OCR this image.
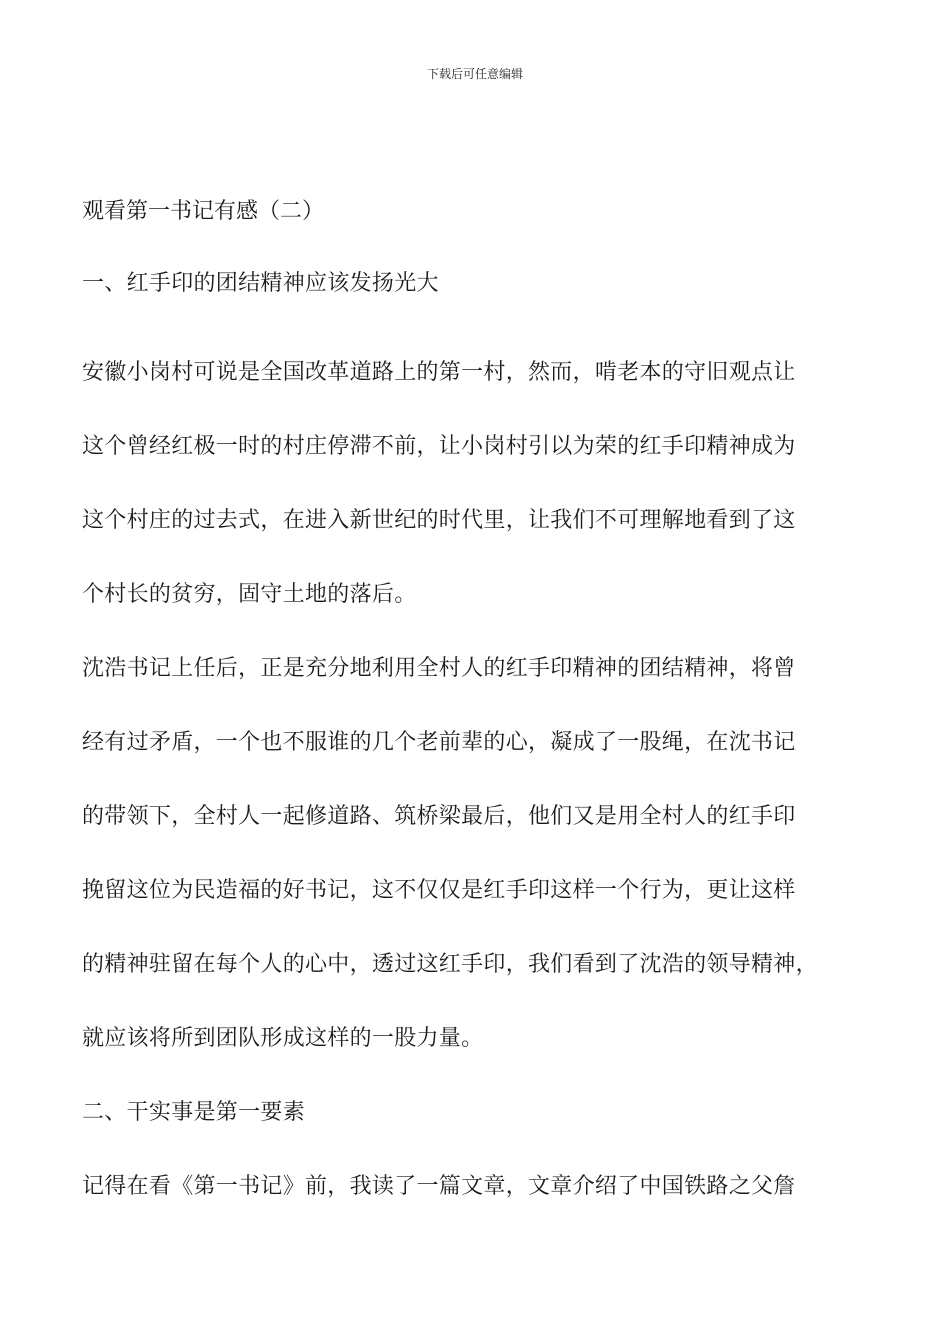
下载后可任意编辑
观看第一书记有感（二）
一、红手印的团结精神应该发扬光大
安徽小岗村可说是全国改革道路上的第一村，然而，啃老本的守旧观点让
这个曾经红极一时的村庄停滞不前，让小岗村引以为荣的红手印精神成为
这个村庄的过去式，在进入新世纪的时代里，让我们不可理解地看到了这
个村长的贫穷，固守土地的落后。
沈浩书记上任后，正是充分地利用全村人的红手印精神的团结精神，将曾
经有过矛盾，一个也不服谁的几个老前辈的心，凝成了一股绳，在沈书记
的带领下，全村人一起修道路、筑桥梁最后，他们又是用全村人的红手印
挽留这位为民造福的好书记，这不仅仅是红手印这样一个行为，更让这样
的精神驻留在每个人的心中，透过这红手印，我们看到了沈浩的领导精神，
就应该将所到团队形成这样的一股力量。
二、干实事是第一要素
记得在看《第一书记》前，我读了一篇文章，文章介绍了中国铁路之父詹
